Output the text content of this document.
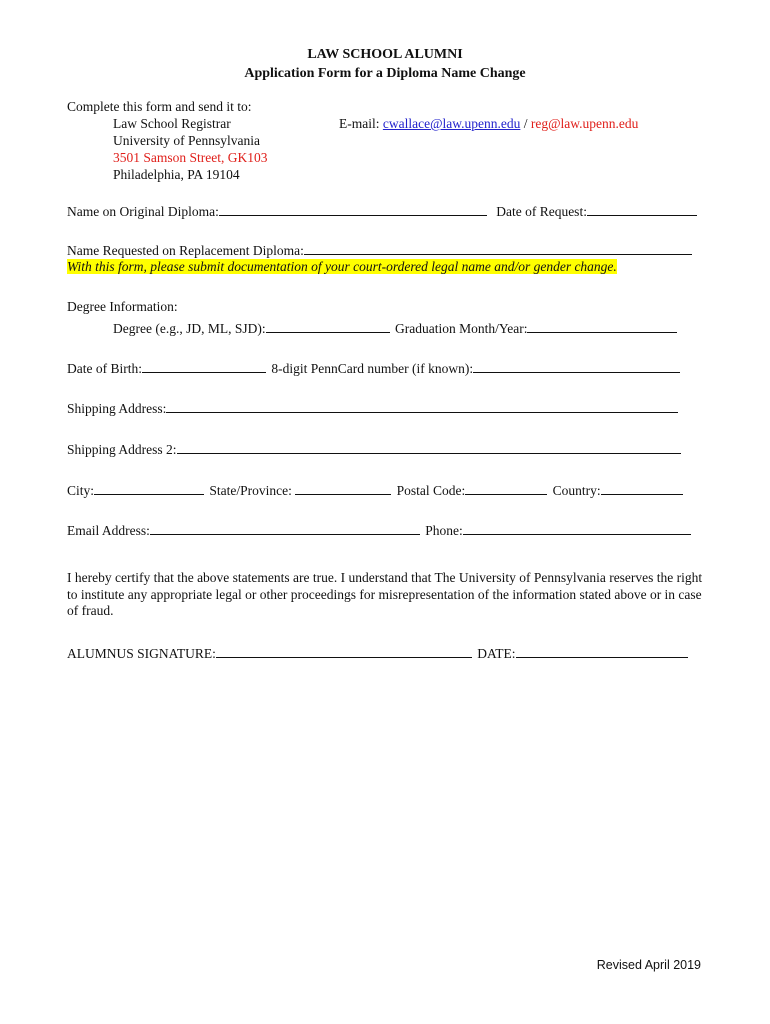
LAW SCHOOL ALUMNI
Application Form for a Diploma Name Change
Complete this form and send it to:
Law School Registrar
University of Pennsylvania
3501 Samson Street, GK103
Philadelphia, PA 19104
E-mail: cwallace@law.upenn.edu / reg@law.upenn.edu
Name on Original Diploma:	Date of Request:
Name Requested on Replacement Diploma:
With this form, please submit documentation of your court-ordered legal name and/or gender change.
Degree Information:
Degree (e.g., JD, ML, SJD):	Graduation Month/Year:
Date of Birth:	8-digit PennCard number (if known):
Shipping Address:
Shipping Address 2:
City:	State/Province:	Postal Code:	Country:
Email Address:	Phone:
I hereby certify that the above statements are true. I understand that The University of Pennsylvania reserves the right to institute any appropriate legal or other proceedings for misrepresentation of the information stated above or in case of fraud.
ALUMNUS SIGNATURE:	DATE:
Revised April 2019
